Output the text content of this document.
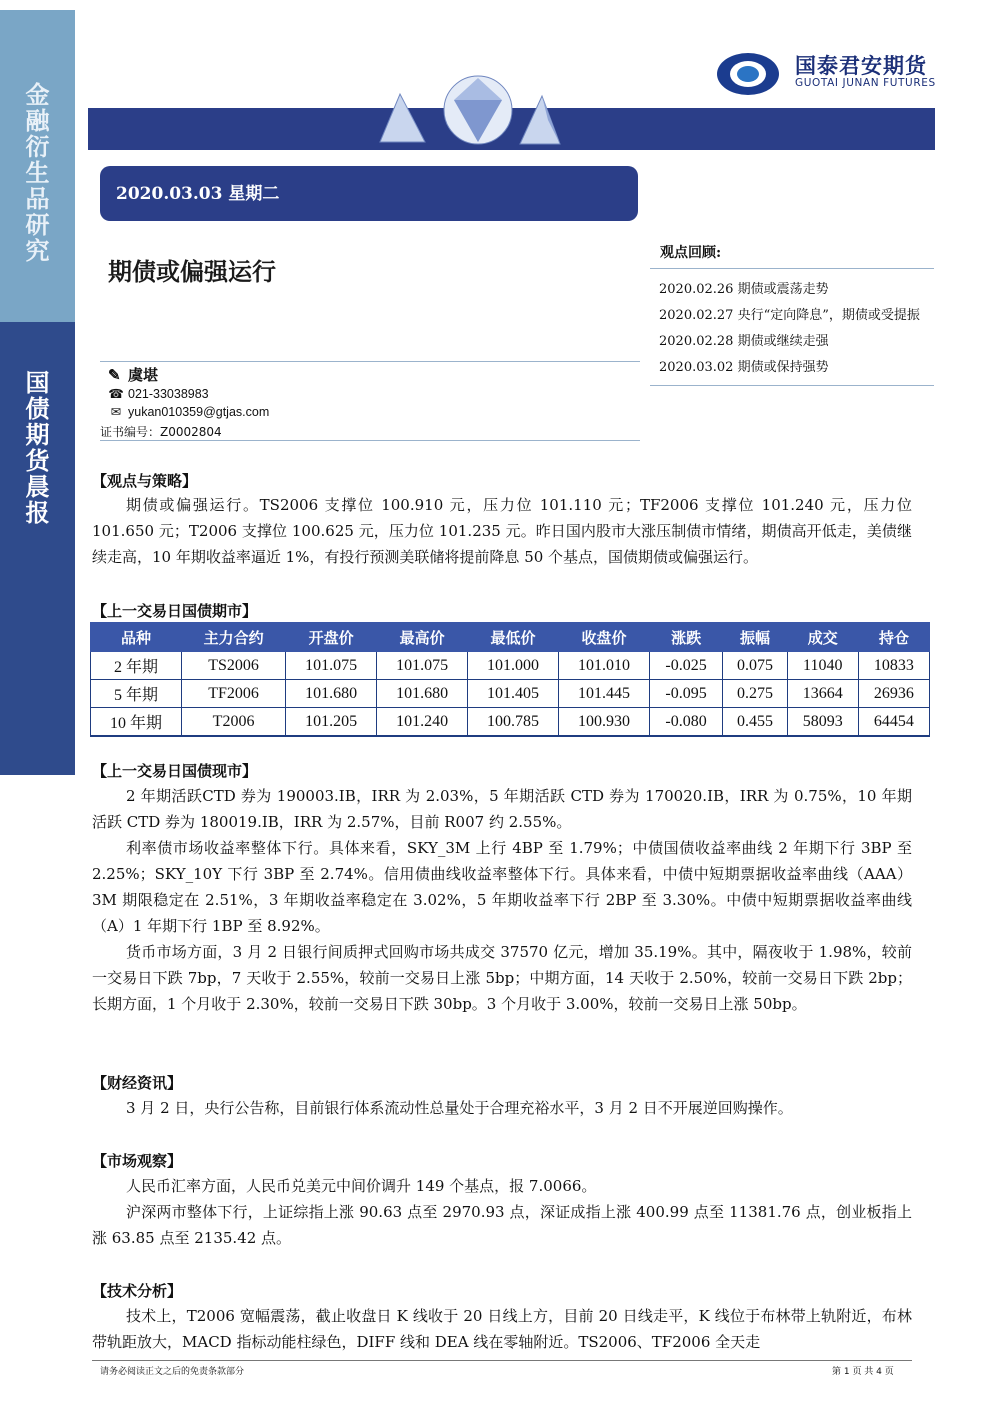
金融衍生品研究
国债期货晨报
国泰君安期货
GUOTAI JUNAN FUTURES
2020.03.03 星期二
期债或偏强运行
观点回顾:
2020.02.26 期债或震荡走势
2020.02.27 央行“定向降息”，期债或受提振
2020.02.28 期债或继续走强
2020.03.02 期债或保持强势
✎ 虞堪
☎ 021-33038983
✉ yukan010359@gtjas.com
证书编号：Z0002804
【观点与策略】
期债或偏强运行。TS2006 支撑位 100.910 元，压力位 101.110 元；TF2006 支撑位 101.240 元，压力位 101.650 元；T2006 支撑位 100.625 元，压力位 101.235 元。昨日国内股市大涨压制债市情绪，期债高开低走，美债继续走高，10 年期收益率逼近 1%，有投行预测美联储将提前降息 50 个基点，国债期债或偏强运行。
【上一交易日国债期市】
品种	主力合约	开盘价	最高价	最低价	收盘价	涨跌	振幅	成交	持仓
2 年期	TS2006	101.075	101.075	101.000	101.010	-0.025	0.075	11040	10833
5 年期	TF2006	101.680	101.680	101.405	101.445	-0.095	0.275	13664	26936
10 年期	T2006	101.205	101.240	100.785	100.930	-0.080	0.455	58093	64454
【上一交易日国债现市】
2 年期活跃CTD 券为 190003.IB，IRR 为 2.03%，5 年期活跃 CTD 券为 170020.IB，IRR 为 0.75%，10 年期活跃 CTD 券为 180019.IB，IRR 为 2.57%，目前 R007 约 2.55%。
利率债市场收益率整体下行。具体来看，SKY_3M 上行 4BP 至 1.79%；中债国债收益率曲线 2 年期下行 3BP 至 2.25%；SKY_10Y 下行 3BP 至 2.74%。信用债曲线收益率整体下行。具体来看，中债中短期票据收益率曲线（AAA）3M 期限稳定在 2.51%，3 年期收益率稳定在 3.02%，5 年期收益率下行 2BP 至 3.30%。中债中短期票据收益率曲线（A）1 年期下行 1BP 至 8.92%。
货币市场方面，3 月 2 日银行间质押式回购市场共成交 37570 亿元，增加 35.19%。其中，隔夜收于 1.98%，较前一交易日下跌 7bp，7 天收于 2.55%，较前一交易日上涨 5bp；中期方面，14 天收于 2.50%，较前一交易日下跌 2bp；长期方面，1 个月收于 2.30%，较前一交易日下跌 30bp。3 个月收于 3.00%，较前一交易日上涨 50bp。
【财经资讯】
3 月 2 日，央行公告称，目前银行体系流动性总量处于合理充裕水平，3 月 2 日不开展逆回购操作。
【市场观察】
人民币汇率方面，人民币兑美元中间价调升 149 个基点，报 7.0066。
沪深两市整体下行，上证综指上涨 90.63 点至 2970.93 点，深证成指上涨 400.99 点至 11381.76 点，创业板指上涨 63.85 点至 2135.42 点。
【技术分析】
技术上，T2006 宽幅震荡，截止收盘日 K 线收于 20 日线上方，目前 20 日线走平，K 线位于布林带上轨附近，布林带轨距放大，MACD 指标动能柱绿色，DIFF 线和 DEA 线在零轴附近。TS2006、TF2006 全天走
请务必阅读正文之后的免责条款部分	第 1 页 共 4 页
